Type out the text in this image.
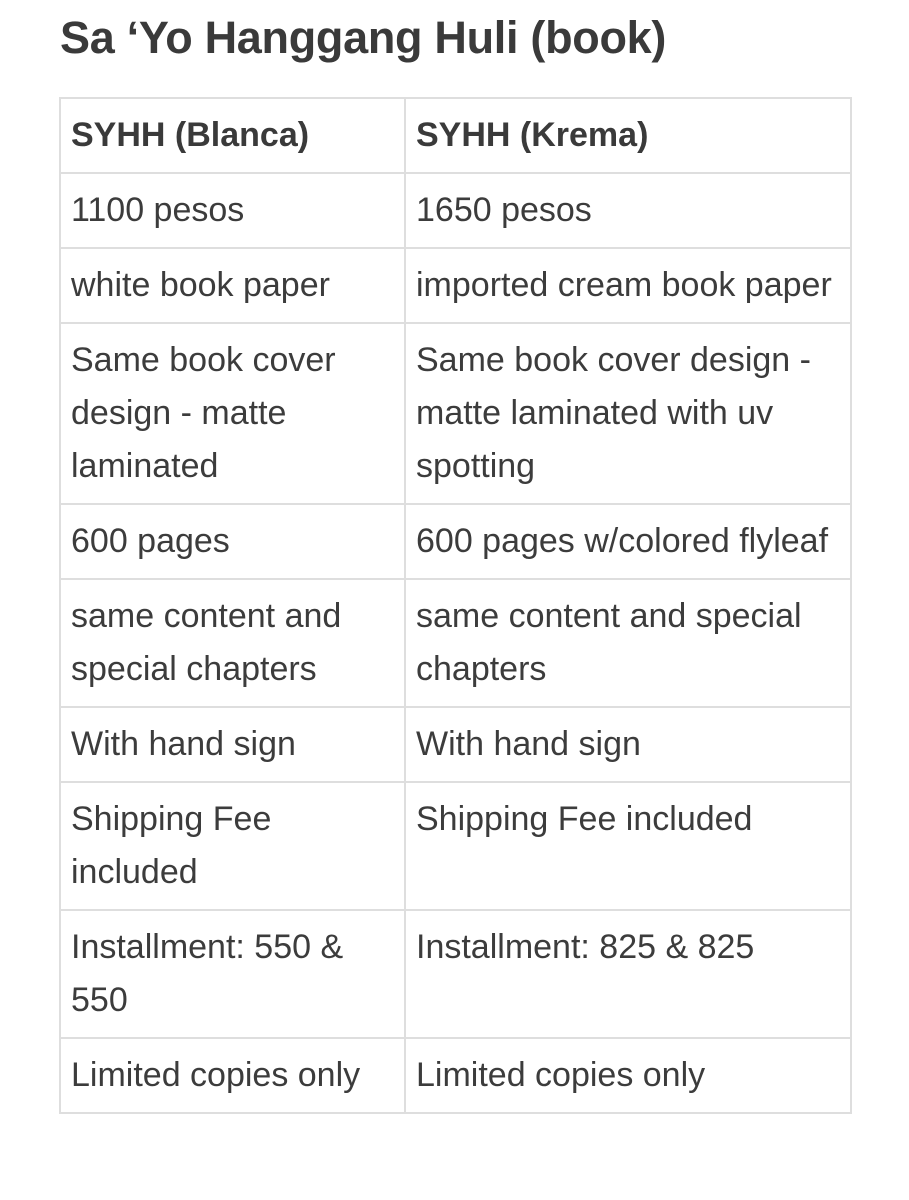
Sa ‘Yo Hanggang Huli (book)
SYHH (Blanca)	SYHH (Krema)
1100 pesos	1650 pesos
white book paper	imported cream book paper
Same book cover design - matte laminated	Same book cover design - matte laminated with uv spotting
600 pages	600 pages w/colored flyleaf
same content and special chapters	same content and special chapters
With hand sign	With hand sign
Shipping Fee included	Shipping Fee included
Installment: 550 & 550	Installment: 825 & 825
Limited copies only	Limited copies only
